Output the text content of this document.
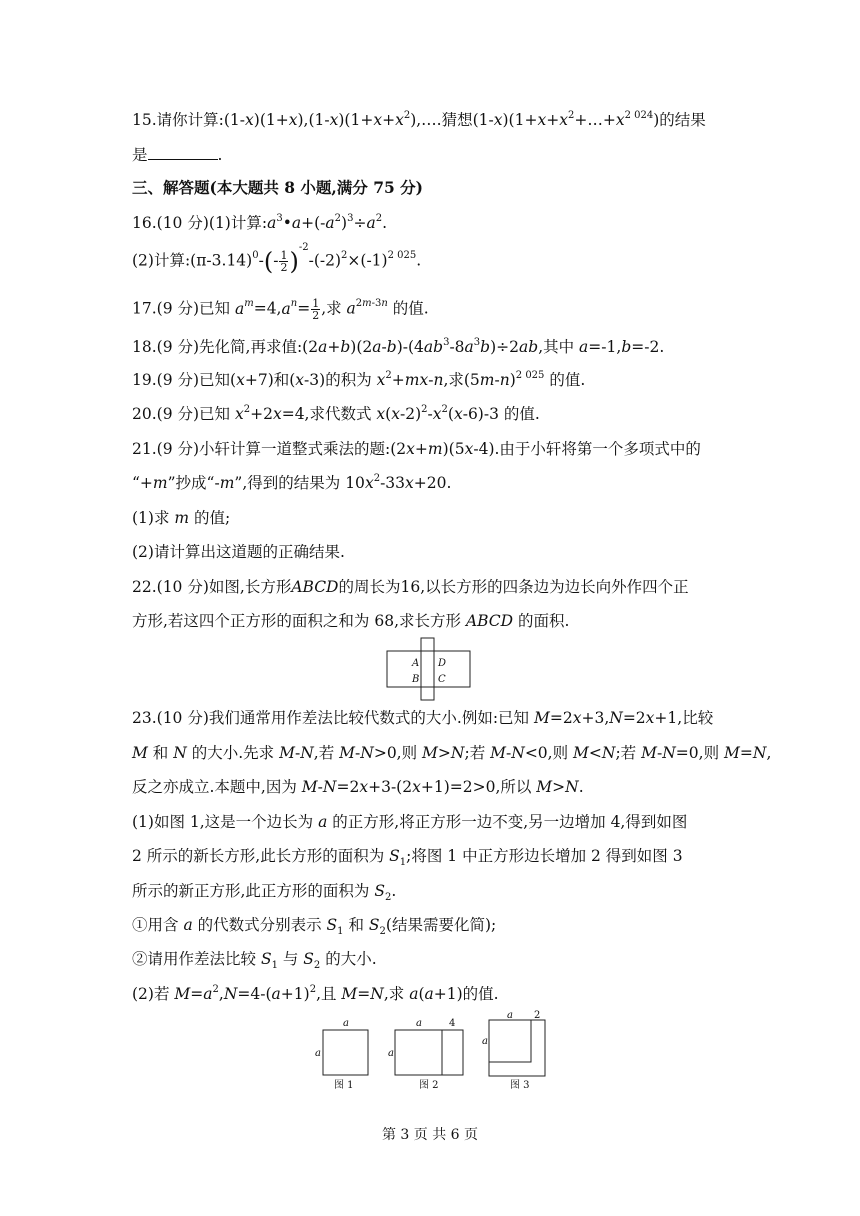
15.请你计算$:(1-x)(1+x),(1-x)(1+x+x^2),\dots$.猜想$(1-x)(1+x+x^2+\dots+x^{2 024})$的结果
是	.
三、解答题(本大题共 8 小题,满分 75 分)
16.(10 分)(1)计算$:a^3•a+(-a^2)^3\div a^2$.
(2)计算$:(\pi-3.14)^0-(- \frac{1}{2} )^{-2}-(-2)^2\times(-1)^{2 025}$.
17.(9 分)已知 $a^m=4,a^n= \frac{1}{2}$ ,求 $a^{2m-3n}$ 的值.
18.(9 分)先化简,再求值$:(2a+b)(2a-b)-(4ab^3-8a^3b)\div 2ab$,其中 a=-1,b=-2.
19.(9 分)已知(x+7)和(x-3)的积为 $x^2+mx-n$,求$(5m-n)^{2 025}$ 的值.
20.(9 分)已知 $x^2+2x=4$,求代数式 $x(x-2)^2-x^2(x-6)-3$ 的值.
21.(9 分)小轩计算一道整式乘法的题:(2x+m)(5x-4).由于小轩将第一个多项式中的
“+m”抄成“-m”,得到的结果为 $10x^2-33x+20$.
(1)求 m 的值;
(2)请计算出这道题的正确结果.
22.(10 分)如图,长方形ABCD的周长为16,以长方形的四条边为边长向外作四个正
方形,若这四个正方形的面积之和为 68,求长方形 ABCD 的面积.
A D
B C
23.(10 分)我们通常用作差法比较代数式的大小.例如:已知 M=2x+3,N=2x+1,比较
M 和 N 的大小.先求 M-N,若 M-N>0,则 M>N;若 M-N<0,则 M<N;若 M-N=0,则 M=N,
反之亦成立.本题中,因为 M-N=2x+3-(2x+1)=2>0,所以 M>N.
(1)如图 1,这是一个边长为 a 的正方形,将正方形一边不变,另一边增加 4,得到如图
2 所示的新长方形,此长方形的面积为 $S_1$;将图 1 中正方形边长增加 2 得到如图 3
所示的新正方形,此正方形的面积为 $S_2$.
①用含 a 的代数式分别表示 $S_1$ 和 $S_2$(结果需要化简);
②请用作差法比较 $S_1$ 与 $S_2$ 的大小.
(2)若 $M=a^2,N=4-(a+1)^2$,且 M=N,求 a(a+1)的值.
a
a
图 1
a	4
a
图 2
a 2
a
图 3
第 3 页 共 6 页
